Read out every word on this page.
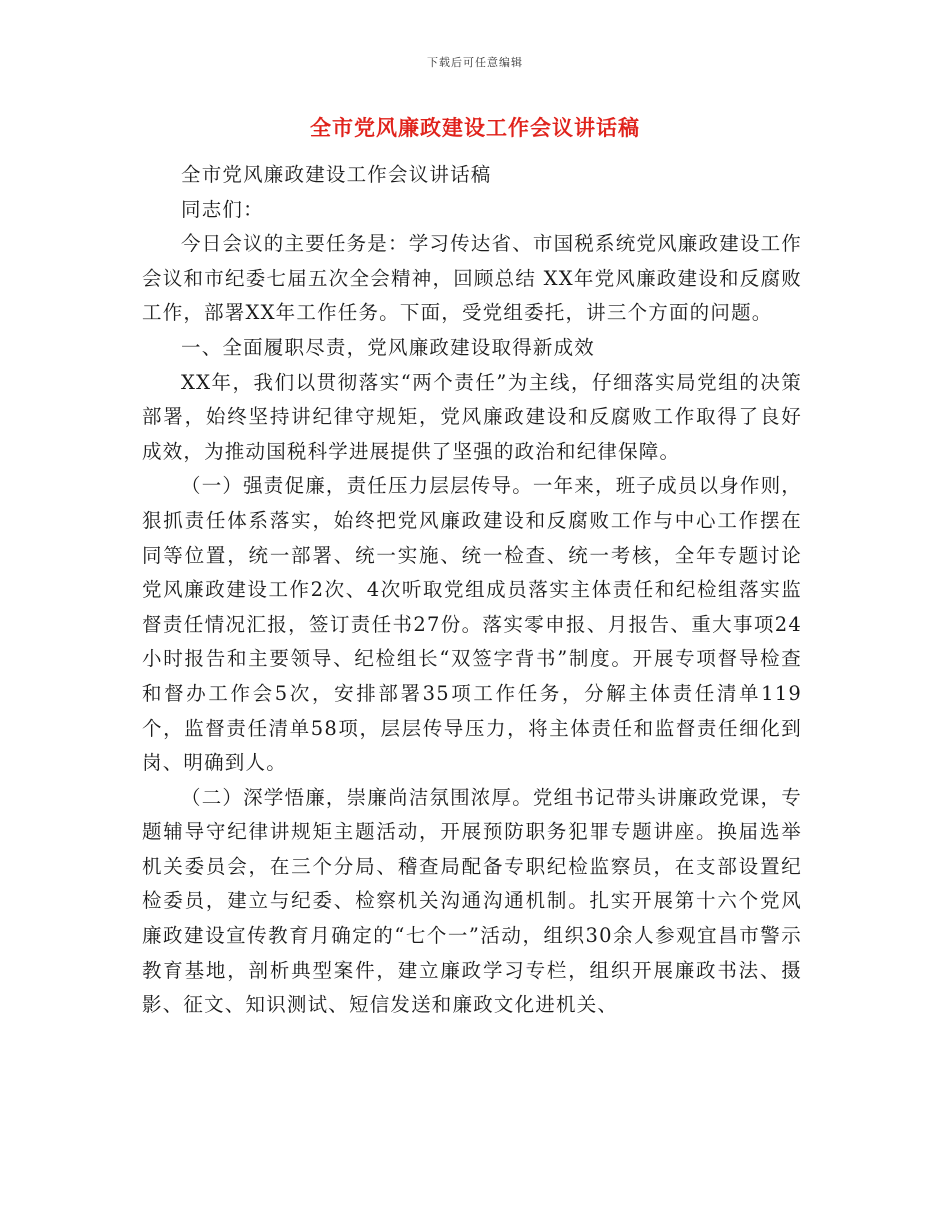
下载后可任意编辑
全市党风廉政建设工作会议讲话稿

全市党风廉政建设工作会议讲话稿

同志们：

今日会议的主要任务是：学习传达省、市国税系统党风廉政建设工作会议和市纪委七届五次全会精神，回顾总结 XX年党风廉政建设和反腐败工作，部署XX年工作任务。下面，受党组委托，讲三个方面的问题。

一、全面履职尽责，党风廉政建设取得新成效

XX年，我们以贯彻落实“两个责任”为主线，仔细落实局党组的决策部署，始终坚持讲纪律守规矩，党风廉政建设和反腐败工作取得了良好成效，为推动国税科学进展提供了坚强的政治和纪律保障。

（一）强责促廉，责任压力层层传导。一年来，班子成员以身作则，狠抓责任体系落实，始终把党风廉政建设和反腐败工作与中心工作摆在同等位置，统一部署、统一实施、统一检查、统一考核，全年专题讨论党风廉政建设工作2次、4次听取党组成员落实主体责任和纪检组落实监督责任情况汇报，签订责任书27份。落实零申报、月报告、重大事项24小时报告和主要领导、纪检组长“双签字背书”制度。开展专项督导检查和督办工作会5次，安排部署35项工作任务，分解主体责任清单119个，监督责任清单58项，层层传导压力，将主体责任和监督责任细化到岗、明确到人。

（二）深学悟廉，崇廉尚洁氛围浓厚。党组书记带头讲廉政党课，专题辅导守纪律讲规矩主题活动，开展预防职务犯罪专题讲座。换届选举机关委员会，在三个分局、稽查局配备专职纪检监察员，在支部设置纪检委员，建立与纪委、检察机关沟通沟通机制。扎实开展第十六个党风廉政建设宣传教育月确定的“七个一”活动，组织30余人参观宜昌市警示教育基地，剖析典型案件，建立廉政学习专栏，组织开展廉政书法、摄影、征文、知识测试、短信发送和廉政文化进机关、
